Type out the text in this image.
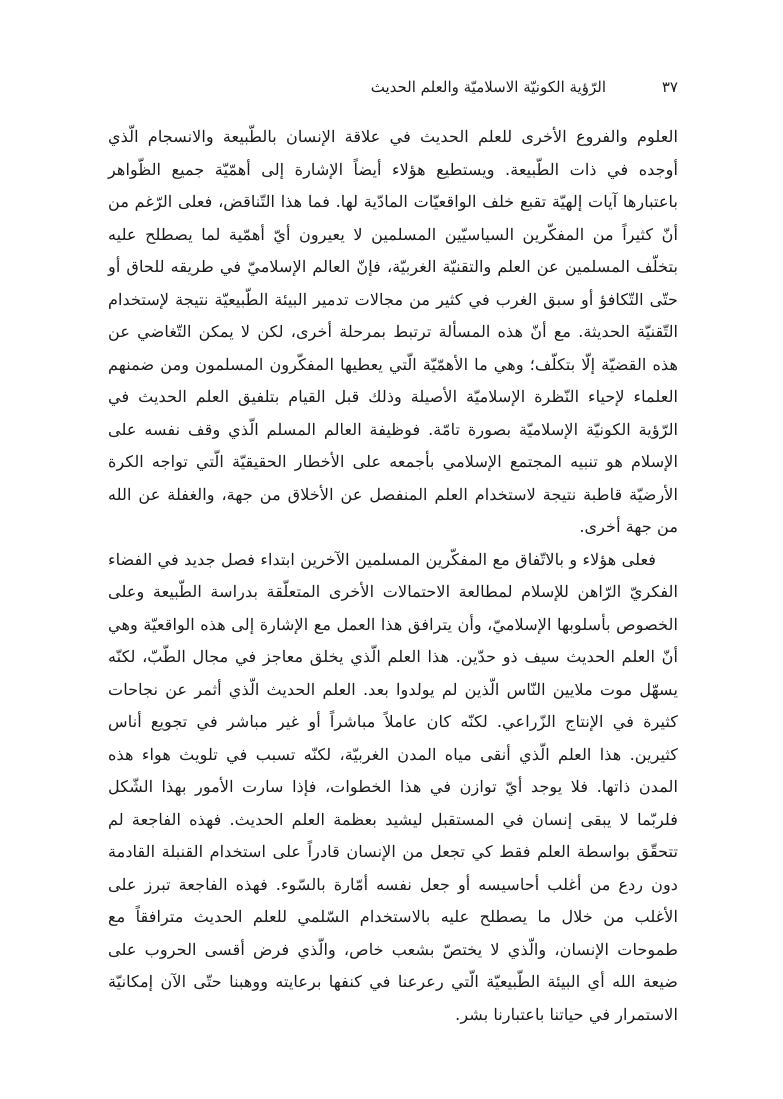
٣٧
الرّؤية الكونيّة الاسلاميّة والعلم الحديث

العلوم والفروع الأخرى للعلم الحديث في علاقة الإنسان بالطّبيعة والانسجام الّذي أوجده في ذات الطّبيعة. ويستطيع هؤلاء أيضاً الإشارة إلى أهمّيّة جميع الظّواهر باعتبارها آيات إلهيّة تقبع خلف الواقعيّات المادّية لها. فما هذا التّناقض، فعلى الرّغم من أنّ كثيراً من المفكّرين السياسيّين المسلمين لا يعيرون أيّ أهمّية لما يصطلح عليه بتخلّف المسلمين عن العلم والتقنيّة الغربيّة، فإنّ العالم الإسلاميّ في طريقه للحاق أو حتّى التّكافؤ أو سبق الغرب في كثير من مجالات تدمير البيئة الطّبيعيّة نتيجة لإستخدام التّقنيّة الحديثة. مع أنّ هذه المسألة ترتبط بمرحلة أخرى، لكن لا يمكن التّغاضي عن هذه القضيّة إلّا بتكلّف؛ وهي ما الأهمّيّة الّتي يعطيها المفكّرون المسلمون ومن ضمنهم العلماء لإحياء النّظرة الإسلاميّة الأصيلة وذلك قبل القيام بتلفيق العلم الحديث في الرّؤية الكونيّة الإسلاميّة بصورة تامّة. فوظيفة العالم المسلم الّذي وقف نفسه على الإسلام هو تنبيه المجتمع الإسلامي بأجمعه على الأخطار الحقيقيّة الّتي تواجه الكرة الأرضيّة قاطبة نتيجة لاستخدام العلم المنفصل عن الأخلاق من جهة، والغفلة عن الله من جهة أخرى.

فعلى هؤلاء و بالاتّفاق مع المفكّرين المسلمين الآخرين ابتداء فصل جديد في الفضاء الفكريّ الرّاهن للإسلام لمطالعة الاحتمالات الأخرى المتعلّقة بدراسة الطّبيعة وعلى الخصوص بأسلوبها الإسلاميّ، وأن يترافق هذا العمل مع الإشارة إلى هذه الواقعيّة وهي أنّ العلم الحديث سيف ذو حدّين. هذا العلم الّذي يخلق معاجز في مجال الطّبّ، لكنّه يسهّل موت ملايين النّاس الّذين لم يولدوا بعد. العلم الحديث الّذي أثمر عن نجاحات كثيرة في الإنتاج الزّراعي. لكنّه كان عاملاً مباشراً أو غير مباشر في تجويع أناس كثيرين. هذا العلم الّذي أنقى مياه المدن الغربيّة، لكنّه تسبب في تلويث هواء هذه المدن ذاتها. فلا يوجد أيّ توازن في هذا الخطوات، فإذا سارت الأمور بهذا الشّكل فلربّما لا يبقى إنسان في المستقبل ليشيد بعظمة العلم الحديث. فهذه الفاجعة لم تتحقّق بواسطة العلم فقط كي تجعل من الإنسان قادراً على استخدام القنبلة القادمة دون ردع من أغلب أحاسيسه أو جعل نفسه أمّارة بالسّوء. فهذه الفاجعة تبرز على الأغلب من خلال ما يصطلح عليه بالاستخدام السّلمي للعلم الحديث مترافقاً مع طموحات الإنسان، والّذي لا يختصّ بشعب خاص، والّذي فرض أقسى الحروب على ضيعة الله أي البيئة الطّبيعيّة الّتي رعرعنا في كنفها برعايته ووهبنا حتّى الآن إمكانيّة الاستمرار في حياتنا باعتبارنا بشر.
